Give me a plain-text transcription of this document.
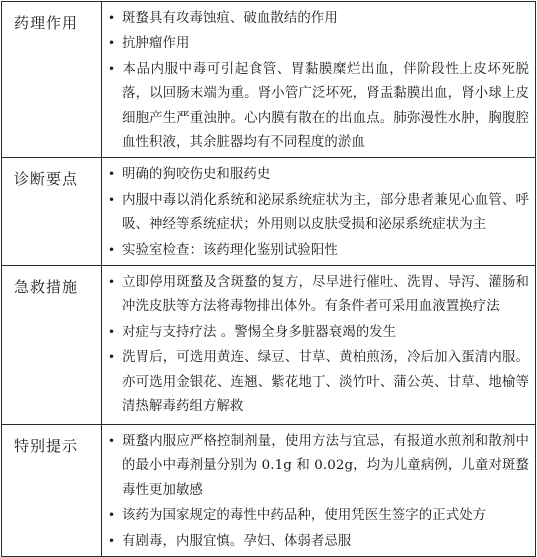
药理作用	• 斑蝥具有攻毒蚀疽、破血散结的作用
• 抗肿瘤作用
• 本品内服中毒可引起食管、胃黏膜糜烂出血，伴阶段性上皮坏死脱落，以回肠末端为重。肾小管广泛坏死，肾盂黏膜出血，肾小球上皮细胞产生严重浊肿。心内膜有散在的出血点。肺弥漫性水肿，胸腹腔血性积液，其余脏器均有不同程度的淤血

诊断要点	• 明确的狗咬伤史和服药史
• 内服中毒以消化系统和泌尿系统症状为主，部分患者兼见心血管、呼吸、神经等系统症状；外用则以皮肤受损和泌尿系统症状为主
• 实验室检查：该药理化鉴别试验阳性

急救措施	• 立即停用斑蝥及含斑蝥的复方，尽早进行催吐、洗胃、导泻、灌肠和冲洗皮肤等方法将毒物排出体外。有条件者可采用血液置换疗法
• 对症与支持疗法 。警惕全身多脏器衰竭的发生
• 洗胃后，可选用黄连、绿豆、甘草、黄柏煎汤，冷后加入蛋清内服。亦可选用金银花、连翘、紫花地丁、淡竹叶、蒲公英、甘草、地榆等清热解毒药组方解救

特别提示	• 斑蝥内服应严格控制剂量，使用方法与宜忌，有报道水煎剂和散剂中的最小中毒剂量分别为 0.1g 和 0.02g，均为儿童病例，儿童对斑蝥毒性更加敏感
• 该药为国家规定的毒性中药品种，使用凭医生签字的正式处方
• 有剧毒，内服宜慎。孕妇、体弱者忌服
